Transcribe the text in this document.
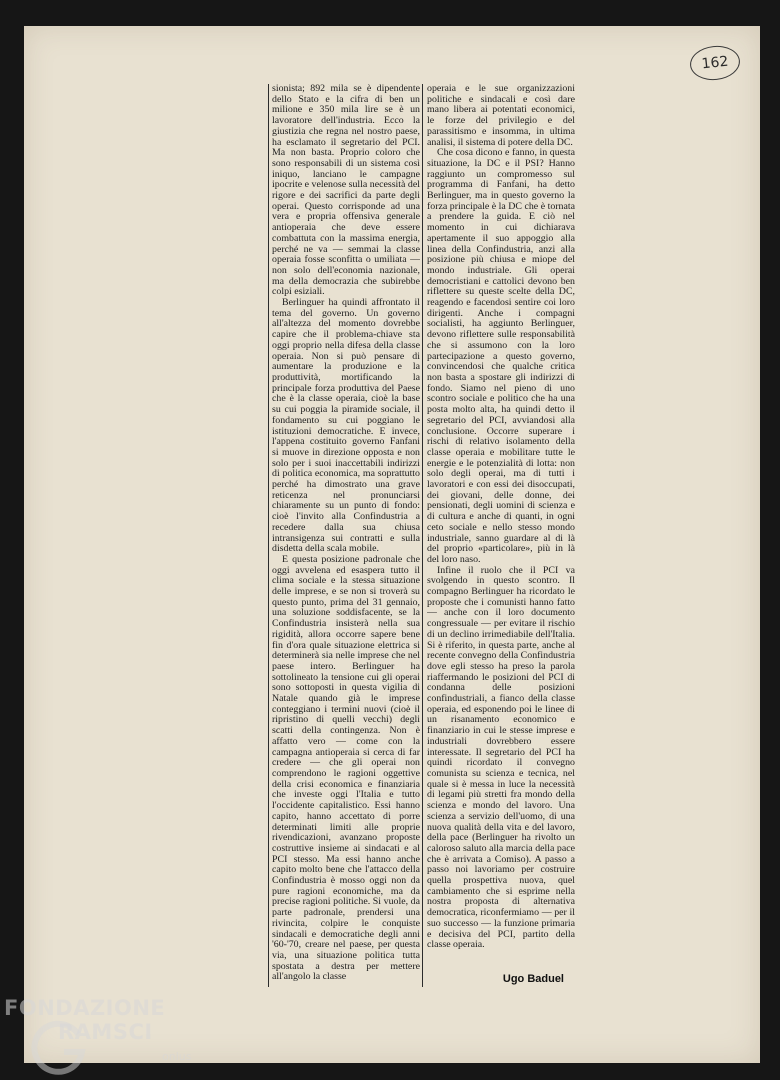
162

sionista; 892 mila se è dipendente dello Stato e la cifra di ben un milione e 350 mila lire se è un lavoratore dell'industria. Ecco la giustizia che regna nel nostro paese, ha esclamato il segretario del PCI. Ma non basta. Proprio coloro che sono responsabili di un sistema così iniquo, lanciano le campagne ipocrite e velenose sulla necessità del rigore e dei sacrifici da parte degli operai. Questo corrisponde ad una vera e propria offensiva generale antioperaia che deve essere combattuta con la massima energia, perché ne va — semmai la classe operaia fosse sconfitta o umiliata — non solo dell'economia nazionale, ma della democrazia che subirebbe colpi esiziali.

Berlinguer ha quindi affrontato il tema del governo. Un governo all'altezza del momento dovrebbe capire che il problema-chiave sta oggi proprio nella difesa della classe operaia. Non si può pensare di aumentare la produzione e la produttività, mortificando la principale forza produttiva del Paese che è la classe operaia, cioè la base su cui poggia la piramide sociale, il fondamento su cui poggiano le istituzioni democratiche. E invece, l'appena costituito governo Fanfani si muove in direzione opposta e non solo per i suoi inaccettabili indirizzi di politica economica, ma soprattutto perché ha dimostrato una grave reticenza nel pronunciarsi chiaramente su un punto di fondo: cioè l'invito alla Confindustria a recedere dalla sua chiusa intransigenza sui contratti e sulla disdetta della scala mobile.

E questa posizione padronale che oggi avvelena ed esaspera tutto il clima sociale e la stessa situazione delle imprese, e se non si troverà su questo punto, prima del 31 gennaio, una soluzione soddisfacente, se la Confindustria insisterà nella sua rigidità, allora occorre sapere bene fin d'ora quale situazione elettrica si determinerà sia nelle imprese che nel paese intero. Berlinguer ha sottolineato la tensione cui gli operai sono sottoposti in questa vigilia di Natale quando già le imprese conteggiano i termini nuovi (cioè il ripristino di quelli vecchi) degli scatti della contingenza. Non è affatto vero — come con la campagna antioperaia si cerca di far credere — che gli operai non comprendono le ragioni oggettive della crisi economica e finanziaria che investe oggi l'Italia e tutto l'occidente capitalistico. Essi hanno capito, hanno accettato di porre determinati limiti alle proprie rivendicazioni, avanzano proposte costruttive insieme ai sindacati e al PCI stesso. Ma essi hanno anche capito molto bene che l'attacco della Confindustria è mosso oggi non da pure ragioni economiche, ma da precise ragioni politiche. Si vuole, da parte padronale, prendersi una rivincita, colpire le conquiste sindacali e democratiche degli anni '60-'70, creare nel paese, per questa via, una situazione politica tutta spostata a destra per mettere all'angolo la classe

operaia e le sue organizzazioni politiche e sindacali e così dare mano libera ai potentati economici, le forze del privilegio e del parassitismo e insomma, in ultima analisi, il sistema di potere della DC.

Che cosa dicono e fanno, in questa situazione, la DC e il PSI? Hanno raggiunto un compromesso sul programma di Fanfani, ha detto Berlinguer, ma in questo governo la forza principale è la DC che è tornata a prendere la guida. E ciò nel momento in cui dichiarava apertamente il suo appoggio alla linea della Confindustria, anzi alla posizione più chiusa e miope del mondo industriale. Gli operai democristiani e cattolici devono ben riflettere su queste scelte della DC, reagendo e facendosi sentire coi loro dirigenti. Anche i compagni socialisti, ha aggiunto Berlinguer, devono riflettere sulle responsabilità che si assumono con la loro partecipazione a questo governo, convincendosi che qualche critica non basta a spostare gli indirizzi di fondo. Siamo nel pieno di uno scontro sociale e politico che ha una posta molto alta, ha quindi detto il segretario del PCI, avviandosi alla conclusione. Occorre superare i rischi di relativo isolamento della classe operaia e mobilitare tutte le energie e le potenzialità di lotta: non solo degli operai, ma di tutti i lavoratori e con essi dei disoccupati, dei giovani, delle donne, dei pensionati, degli uomini di scienza e di cultura e anche di quanti, in ogni ceto sociale e nello stesso mondo industriale, sanno guardare al di là del proprio «particolare», più in là del loro naso.

Infine il ruolo che il PCI va svolgendo in questo scontro. Il compagno Berlinguer ha ricordato le proposte che i comunisti hanno fatto — anche con il loro documento congressuale — per evitare il rischio di un declino irrimediabile dell'Italia. Si è riferito, in questa parte, anche al recente convegno della Confindustria dove egli stesso ha preso la parola riaffermando le posizioni del PCI di condanna delle posizioni confindustriali, a fianco della classe operaia, ed esponendo poi le linee di un risanamento economico e finanziario in cui le stesse imprese e industriali dovrebbero essere interessate. Il segretario del PCI ha quindi ricordato il convegno comunista su scienza e tecnica, nel quale si è messa in luce la necessità di legami più stretti fra mondo della scienza e mondo del lavoro. Una scienza a servizio dell'uomo, di una nuova qualità della vita e del lavoro, della pace (Berlinguer ha rivolto un caloroso saluto alla marcia della pace che è arrivata a Comiso). A passo a passo noi lavoriamo per costruire quella prospettiva nuova, quel cambiamento che si esprime nella nostra proposta di alternativa democratica, riconfermiamo — per il suo successo — la funzione primaria e decisiva del PCI, partito della classe operaia.

Ugo Baduel
FONDAZIONE
RAMSCI
onlus
